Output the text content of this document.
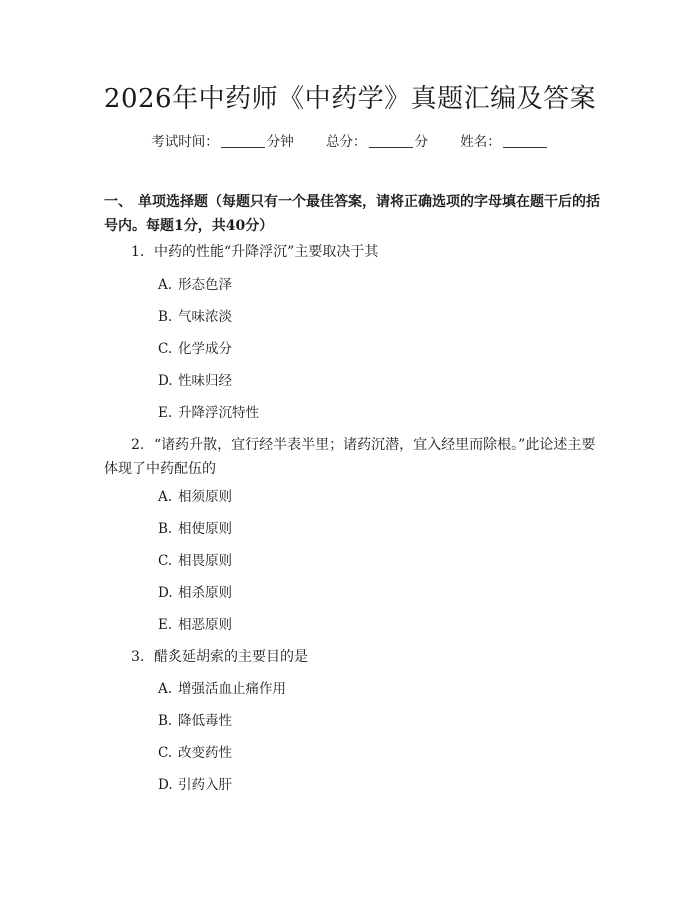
2026年中药师《中药学》真题汇编及答案
考试时间：	分钟 总分：	分 姓名：
一、 单项选择题（每题只有一个最佳答案，请将正确选项的字母填在题干后的括号内。每题1分，共40分）
1. 中药的性能“升降浮沉”主要取决于其
A. 形态色泽
B. 气味浓淡
C. 化学成分
D. 性味归经
E. 升降浮沉特性
2. “诸药升散，宜行经半表半里；诸药沉潜，宜入经里而除根。”此论述主要体现了中药配伍的
A. 相须原则
B. 相使原则
C. 相畏原则
D. 相杀原则
E. 相恶原则
3. 醋炙延胡索的主要目的是
A. 增强活血止痛作用
B. 降低毒性
C. 改变药性
D. 引药入肝
